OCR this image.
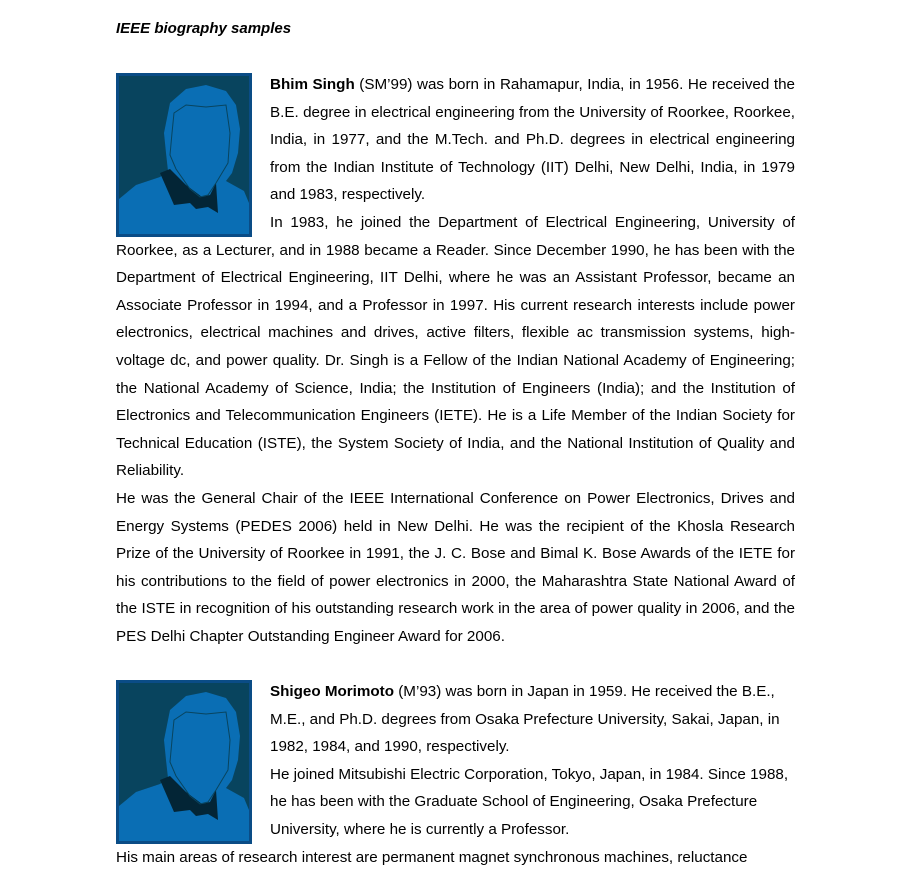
IEEE biography samples

Bhim Singh (SM’99) was born in Rahamapur, India, in 1956. He received the B.E. degree in electrical engineering from the University of Roorkee, Roorkee, India, in 1977, and the M.Tech. and Ph.D. degrees in electrical engineering from the Indian Institute of Technology (IIT) Delhi, New Delhi, India, in 1979 and 1983, respectively.

In 1983, he joined the Department of Electrical Engineering, University of Roorkee, as a Lecturer, and in 1988 became a Reader. Since December 1990, he has been with the Department of Electrical Engineering, IIT Delhi, where he was an Assistant Professor, became an Associate Professor in 1994, and a Professor in 1997. His current research interests include power electronics, electrical machines and drives, active filters, flexible ac transmission systems, high-voltage dc, and power quality. Dr. Singh is a Fellow of the Indian National Academy of Engineering; the National Academy of Science, India; the Institution of Engineers (India); and the Institution of Electronics and Telecommunication Engineers (IETE). He is a Life Member of the Indian Society for Technical Education (ISTE), the System Society of India, and the National Institution of Quality and Reliability.

He was the General Chair of the IEEE International Conference on Power Electronics, Drives and Energy Systems (PEDES 2006) held in New Delhi. He was the recipient of the Khosla Research Prize of the University of Roorkee in 1991, the J. C. Bose and Bimal K. Bose Awards of the IETE for his contributions to the field of power electronics in 2000, the Maharashtra State National Award of the ISTE in recognition of his outstanding research work in the area of power quality in 2006, and the PES Delhi Chapter Outstanding Engineer Award for 2006.

Shigeo Morimoto (M’93) was born in Japan in 1959. He received the B.E., M.E., and Ph.D. degrees from Osaka Prefecture University, Sakai, Japan, in 1982, 1984, and 1990, respectively.

He joined Mitsubishi Electric Corporation, Tokyo, Japan, in 1984. Since 1988, he has been with the Graduate School of Engineering, Osaka Prefecture University, where he is currently a Professor.

His main areas of research interest are permanent magnet synchronous machines, reluctance
